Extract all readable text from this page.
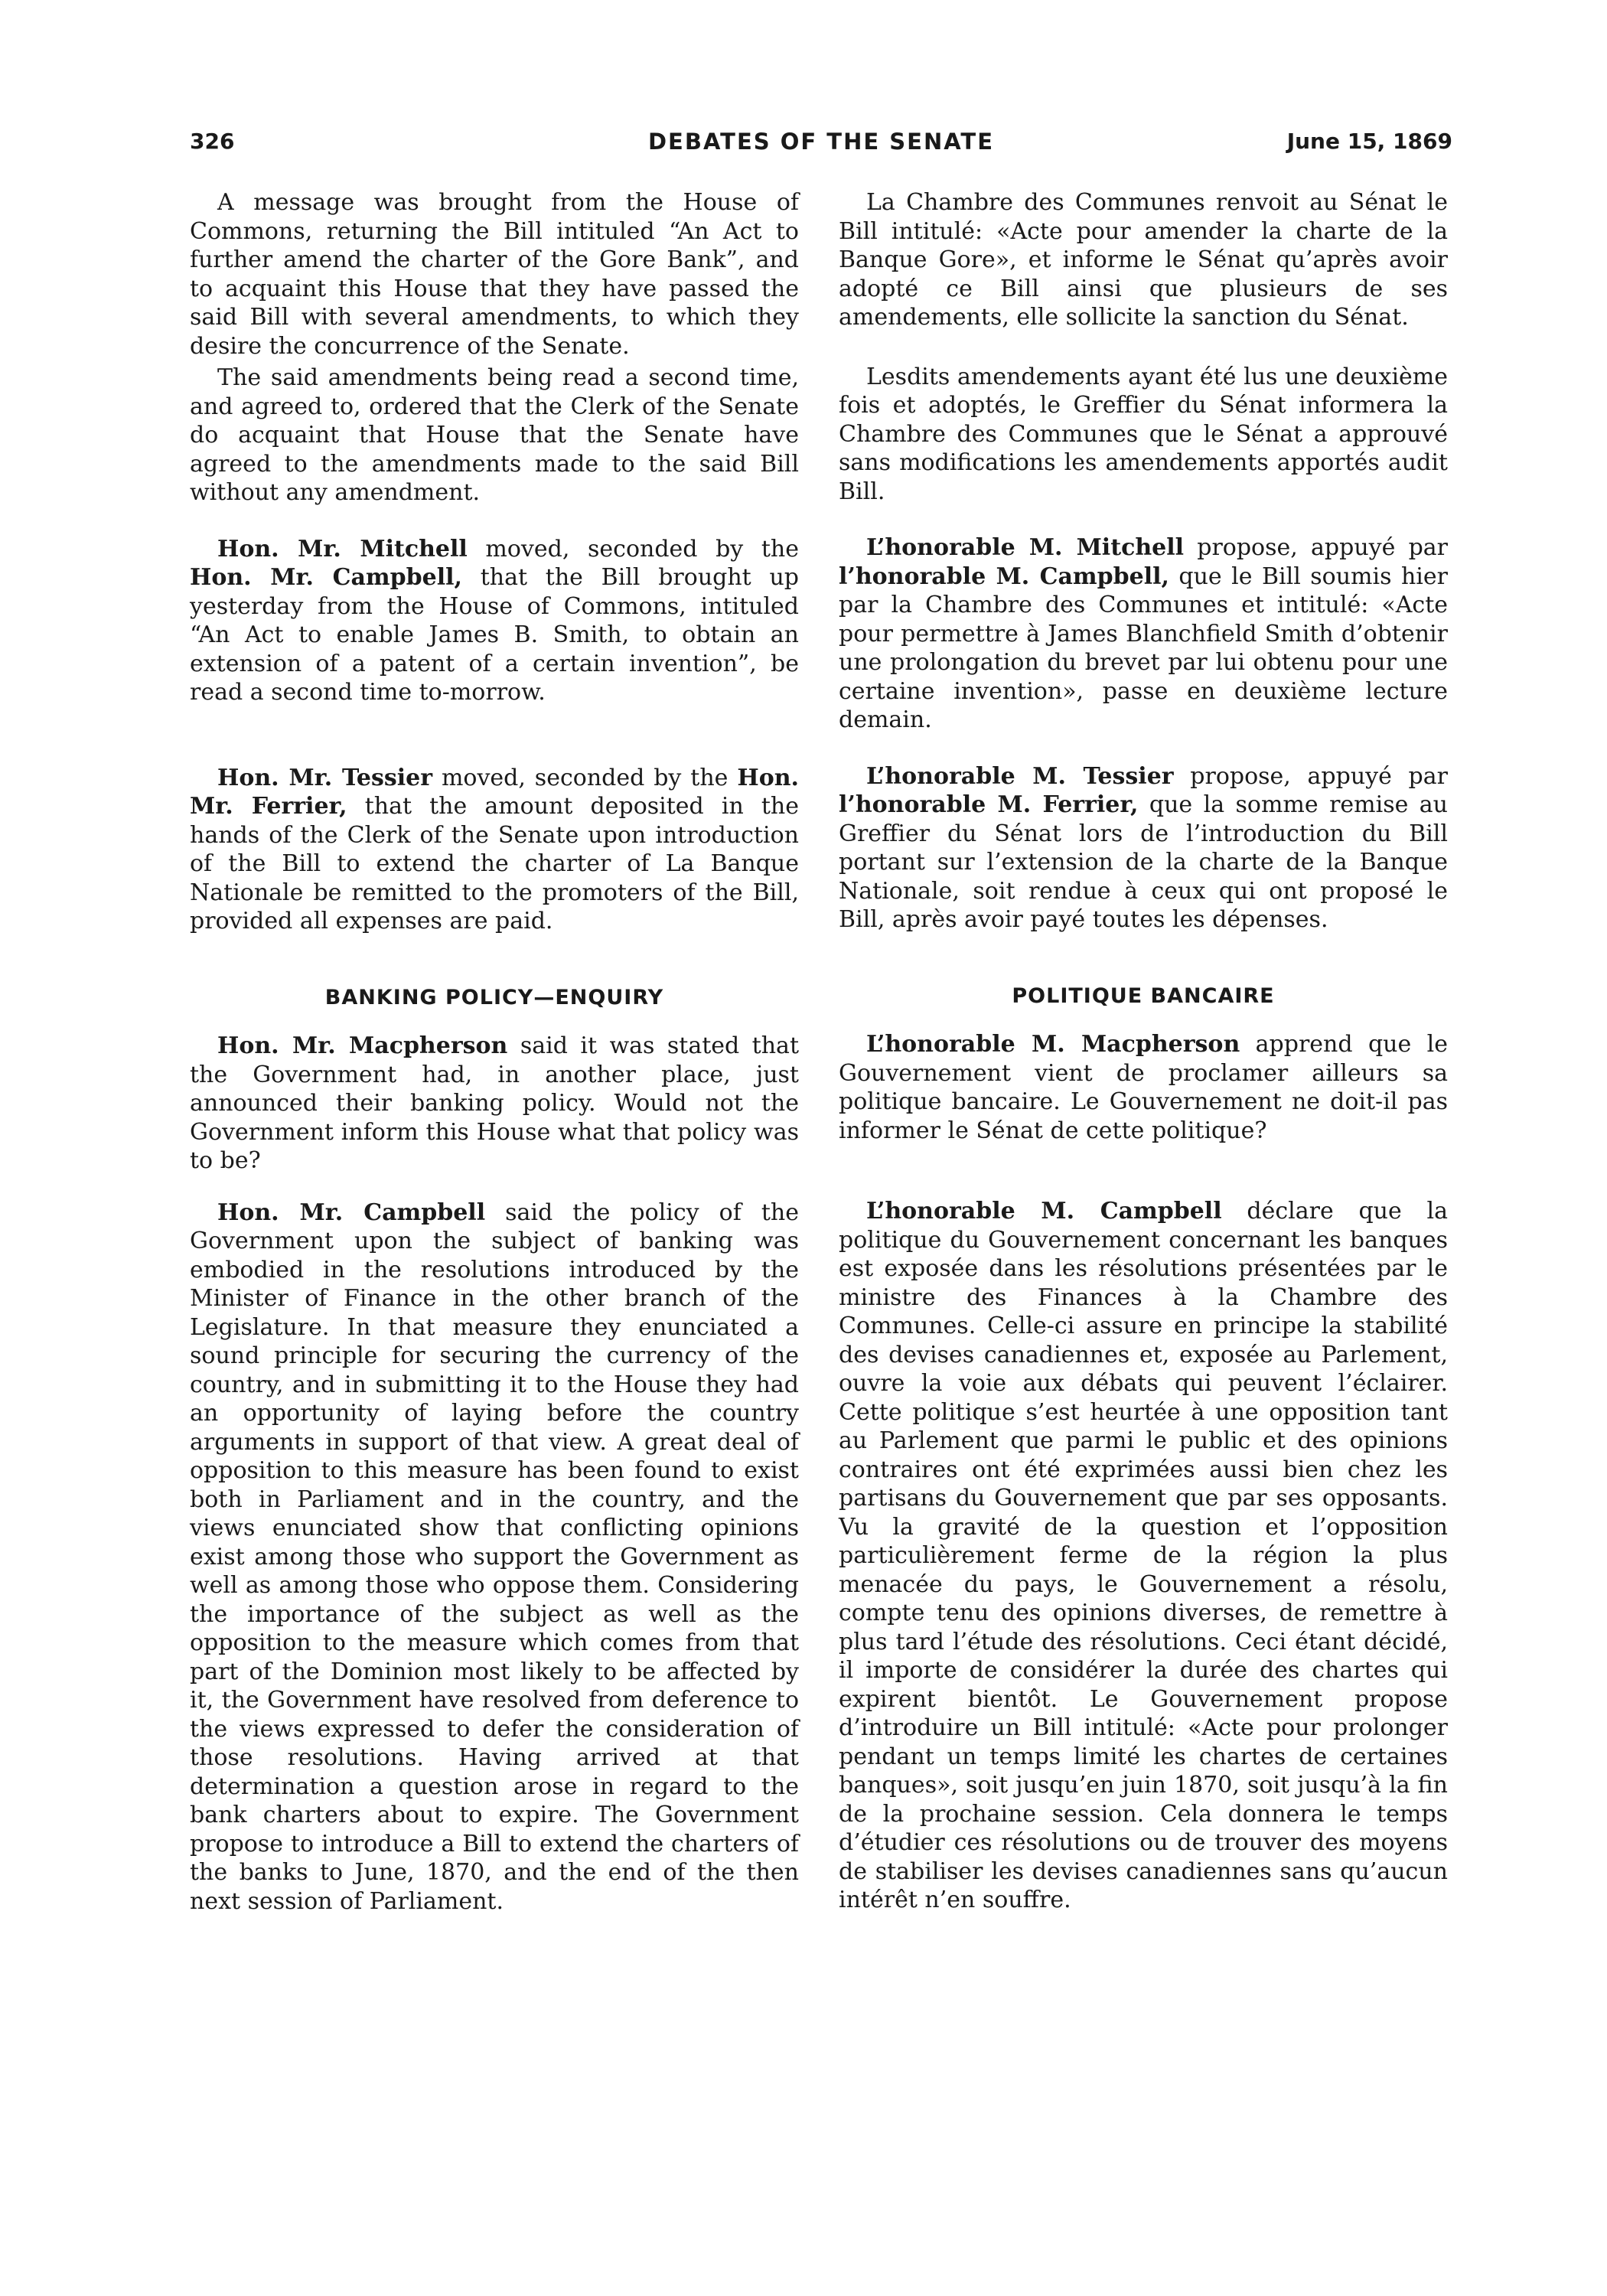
326	DEBATES OF THE SENATE	June 15, 1869

A message was brought from the House of Commons, returning the Bill intituled “An Act to further amend the charter of the Gore Bank”, and to acquaint this House that they have passed the said Bill with several amendments, to which they desire the concurrence of the Senate.

The said amendments being read a second time, and agreed to, ordered that the Clerk of the Senate do acquaint that House that the Senate have agreed to the amendments made to the said Bill without any amendment.

Hon. Mr. Mitchell moved, seconded by the Hon. Mr. Campbell, that the Bill brought up yesterday from the House of Commons, intituled “An Act to enable James B. Smith, to obtain an extension of a patent of a certain invention”, be read a second time to-morrow.

Hon. Mr. Tessier moved, seconded by the Hon. Mr. Ferrier, that the amount deposited in the hands of the Clerk of the Senate upon introduction of the Bill to extend the charter of La Banque Nationale be remitted to the promoters of the Bill, provided all expenses are paid.

BANKING POLICY—ENQUIRY

Hon. Mr. Macpherson said it was stated that the Government had, in another place, just announced their banking policy. Would not the Government inform this House what that policy was to be?

Hon. Mr. Campbell said the policy of the Government upon the subject of banking was embodied in the resolutions introduced by the Minister of Finance in the other branch of the Legislature. In that measure they enunciated a sound principle for securing the currency of the country, and in submitting it to the House they had an opportunity of laying before the country arguments in support of that view. A great deal of opposition to this measure has been found to exist both in Parliament and in the country, and the views enunciated show that conflicting opinions exist among those who support the Government as well as among those who oppose them. Considering the importance of the subject as well as the opposition to the measure which comes from that part of the Dominion most likely to be affected by it, the Government have resolved from deference to the views expressed to defer the consideration of those resolutions. Having arrived at that determination a question arose in regard to the bank charters about to expire. The Government propose to introduce a Bill to extend the charters of the banks to June, 1870, and the end of the then next session of Parliament.

La Chambre des Communes renvoit au Sénat le Bill intitulé: «Acte pour amender la charte de la Banque Gore», et informe le Sénat qu’après avoir adopté ce Bill ainsi que plusieurs de ses amendements, elle sollicite la sanction du Sénat.

Lesdits amendements ayant été lus une deuxième fois et adoptés, le Greffier du Sénat informera la Chambre des Communes que le Sénat a approuvé sans modifications les amendements apportés audit Bill.

L’honorable M. Mitchell propose, appuyé par l’honorable M. Campbell, que le Bill soumis hier par la Chambre des Communes et intitulé: «Acte pour permettre à James Blanchfield Smith d’obtenir une prolongation du brevet par lui obtenu pour une certaine invention», passe en deuxième lecture demain.

L’honorable M. Tessier propose, appuyé par l’honorable M. Ferrier, que la somme remise au Greffier du Sénat lors de l’introduction du Bill portant sur l’extension de la charte de la Banque Nationale, soit rendue à ceux qui ont proposé le Bill, après avoir payé toutes les dépenses.

POLITIQUE BANCAIRE

L’honorable M. Macpherson apprend que le Gouvernement vient de proclamer ailleurs sa politique bancaire. Le Gouvernement ne doit-il pas informer le Sénat de cette politique?

L’honorable M. Campbell déclare que la politique du Gouvernement concernant les banques est exposée dans les résolutions présentées par le ministre des Finances à la Chambre des Communes. Celle-ci assure en principe la stabilité des devises canadiennes et, exposée au Parlement, ouvre la voie aux débats qui peuvent l’éclairer. Cette politique s’est heurtée à une opposition tant au Parlement que parmi le public et des opinions contraires ont été exprimées aussi bien chez les partisans du Gouvernement que par ses opposants. Vu la gravité de la question et l’opposition particulièrement ferme de la région la plus menacée du pays, le Gouvernement a résolu, compte tenu des opinions diverses, de remettre à plus tard l’étude des résolutions. Ceci étant décidé, il importe de considérer la durée des chartes qui expirent bientôt. Le Gouvernement propose d’introduire un Bill intitulé: «Acte pour prolonger pendant un temps limité les chartes de certaines banques», soit jusqu’en juin 1870, soit jusqu’à la fin de la prochaine session. Cela donnera le temps d’étudier ces résolutions ou de trouver des moyens de stabiliser les devises canadiennes sans qu’aucun intérêt n’en souffre.
